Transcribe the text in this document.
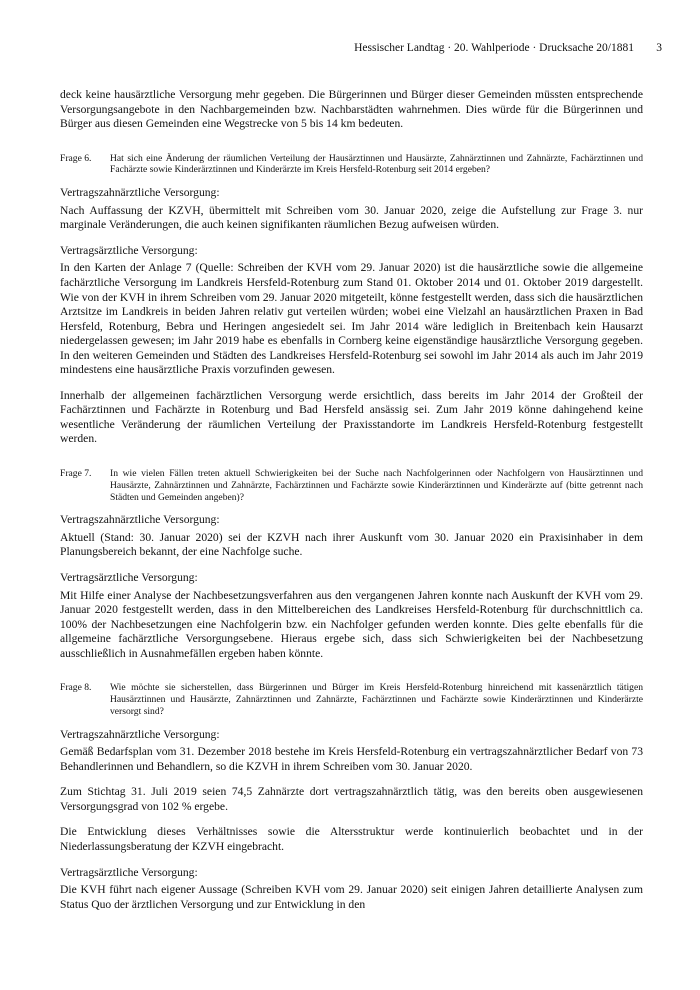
Hessischer Landtag · 20. Wahlperiode · Drucksache 20/1881 3

deck keine hausärztliche Versorgung mehr gegeben. Die Bürgerinnen und Bürger dieser Gemeinden müssten entsprechende Versorgungsangebote in den Nachbargemeinden bzw. Nachbarstädten wahrnehmen. Dies würde für die Bürgerinnen und Bürger aus diesen Gemeinden eine Wegstrecke von 5 bis 14 km bedeuten.

Frage 6.	Hat sich eine Änderung der räumlichen Verteilung der Hausärztinnen und Hausärzte, Zahnärztinnen und Zahnärzte, Fachärztinnen und Fachärzte sowie Kinderärztinnen und Kinderärzte im Kreis Hersfeld-Rotenburg seit 2014 ergeben?

Vertragszahnärztliche Versorgung:

Nach Auffassung der KZVH, übermittelt mit Schreiben vom 30. Januar 2020, zeige die Aufstellung zur Frage 3. nur marginale Veränderungen, die auch keinen signifikanten räumlichen Bezug aufweisen würden.

Vertragsärztliche Versorgung:

In den Karten der Anlage 7 (Quelle: Schreiben der KVH vom 29. Januar 2020) ist die hausärztliche sowie die allgemeine fachärztliche Versorgung im Landkreis Hersfeld-Rotenburg zum Stand 01. Oktober 2014 und 01. Oktober 2019 dargestellt. Wie von der KVH in ihrem Schreiben vom 29. Januar 2020 mitgeteilt, könne festgestellt werden, dass sich die hausärztlichen Arztsitze im Landkreis in beiden Jahren relativ gut verteilen würden; wobei eine Vielzahl an hausärztlichen Praxen in Bad Hersfeld, Rotenburg, Bebra und Heringen angesiedelt sei. Im Jahr 2014 wäre lediglich in Breitenbach kein Hausarzt niedergelassen gewesen; im Jahr 2019 habe es ebenfalls in Cornberg keine eigenständige hausärztliche Versorgung gegeben. In den weiteren Gemeinden und Städten des Landkreises Hersfeld-Rotenburg sei sowohl im Jahr 2014 als auch im Jahr 2019 mindestens eine hausärztliche Praxis vorzufinden gewesen.

Innerhalb der allgemeinen fachärztlichen Versorgung werde ersichtlich, dass bereits im Jahr 2014 der Großteil der Fachärztinnen und Fachärzte in Rotenburg und Bad Hersfeld ansässig sei. Zum Jahr 2019 könne dahingehend keine wesentliche Veränderung der räumlichen Verteilung der Praxisstandorte im Landkreis Hersfeld-Rotenburg festgestellt werden.

Frage 7.	In wie vielen Fällen treten aktuell Schwierigkeiten bei der Suche nach Nachfolgerinnen oder Nachfolgern von Hausärztinnen und Hausärzte, Zahnärztinnen und Zahnärzte, Fachärztinnen und Fachärzte sowie Kinderärztinnen und Kinderärzte auf (bitte getrennt nach Städten und Gemeinden angeben)?

Vertragszahnärztliche Versorgung:

Aktuell (Stand: 30. Januar 2020) sei der KZVH nach ihrer Auskunft vom 30. Januar 2020 ein Praxisinhaber in dem Planungsbereich bekannt, der eine Nachfolge suche.

Vertragsärztliche Versorgung:

Mit Hilfe einer Analyse der Nachbesetzungsverfahren aus den vergangenen Jahren konnte nach Auskunft der KVH vom 29. Januar 2020 festgestellt werden, dass in den Mittelbereichen des Landkreises Hersfeld-Rotenburg für durchschnittlich ca. 100% der Nachbesetzungen eine Nachfolgerin bzw. ein Nachfolger gefunden werden konnte. Dies gelte ebenfalls für die allgemeine fachärztliche Versorgungsebene. Hieraus ergebe sich, dass sich Schwierigkeiten bei der Nachbesetzung ausschließlich in Ausnahmefällen ergeben haben könnte.

Frage 8.	Wie möchte sie sicherstellen, dass Bürgerinnen und Bürger im Kreis Hersfeld-Rotenburg hinreichend mit kassenärztlich tätigen Hausärztinnen und Hausärzte, Zahnärztinnen und Zahnärzte, Fachärztinnen und Fachärzte sowie Kinderärztinnen und Kinderärzte versorgt sind?

Vertragszahnärztliche Versorgung:

Gemäß Bedarfsplan vom 31. Dezember 2018 bestehe im Kreis Hersfeld-Rotenburg ein vertragszahnärztlicher Bedarf von 73 Behandlerinnen und Behandlern, so die KZVH in ihrem Schreiben vom 30. Januar 2020.

Zum Stichtag 31. Juli 2019 seien 74,5 Zahnärzte dort vertragszahnärztlich tätig, was den bereits oben ausgewiesenen Versorgungsgrad von 102 % ergebe.

Die Entwicklung dieses Verhältnisses sowie die Altersstruktur werde kontinuierlich beobachtet und in der Niederlassungsberatung der KZVH eingebracht.

Vertragsärztliche Versorgung:

Die KVH führt nach eigener Aussage (Schreiben KVH vom 29. Januar 2020) seit einigen Jahren detaillierte Analysen zum Status Quo der ärztlichen Versorgung und zur Entwicklung in den
